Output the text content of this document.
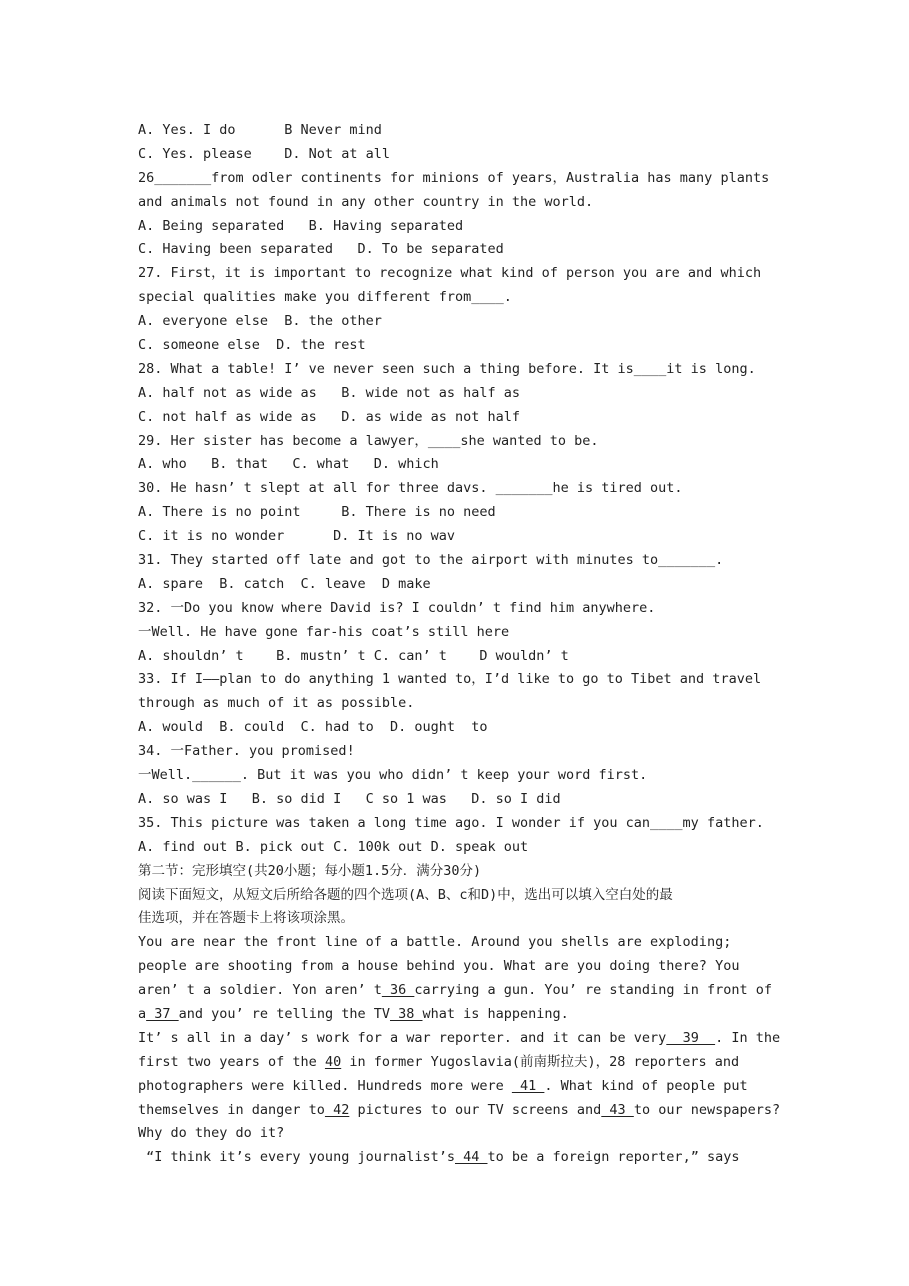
A. Yes. I do      B Never mind
C. Yes. please    D. Not at all
26_______from odler continents for minions of years，Australia has many plants
and animals not found in any other country in the world.
A. Being separated   B. Having separated
C. Having been separated   D. To be separated
27. First，it is important to recognize what kind of person you are and which
special qualities make you different from____.
A. everyone else  B. the other
C. someone else  D. the rest
28. What a table! I’ ve never seen such a thing before. It is____it is long.
A. half not as wide as   B. wide not as half as
C. not half as wide as   D. as wide as not half
29. Her sister has become a lawyer，____she wanted to be.
A. who   B. that   C. what   D. which
30. He hasn’ t slept at all for three davs. _______he is tired out.
A. There is no point     B. There is no need
C. it is no wonder      D. It is no wav
31. They started off late and got to the airport with minutes to_______.
A. spare  B. catch  C. leave  D make
32. 一Do you know where David is? I couldn’ t find him anywhere.
一Well. He have gone far-his coat’s still here
A. shouldn’ t    B. mustn’ t C. can’ t    D wouldn’ t
33. If I——plan to do anything 1 wanted to，I’d like to go to Tibet and travel
through as much of it as possible.
A. would  B. could  C. had to  D. ought  to
34. 一Father. you promised!
一Well.______. But it was you who didn’ t keep your word first.
A. so was I   B. so did I   C so 1 was   D. so I did
35. This picture was taken a long time ago. I wonder if you can____my father.
A. find out B. pick out C. 100k out D. speak out
第二节：完形填空(共20小题；每小题1.5分．满分30分)
阅读下面短文，从短文后所给各题的四个选项(A、B、c和D)中，选出可以填入空白处的最
佳选项，并在答题卡上将该项涂黑。
You are near the front line of a battle. Around you shells are exploding;
people are shooting from a house behind you. What are you doing there? You
aren’ t a soldier. Yon aren’ t 36 carrying a gun. You’ re standing in front of
a 37 and you’ re telling the TV 38 what is happening.
It’ s all in a day’ s work for a war reporter. and it can be very  39  . In the
first two years of the 40 in former Yugoslavia(前南斯拉夫)，28 reporters and
photographers were killed. Hundreds more were  41 . What kind of people put
themselves in danger to 42 pictures to our TV screens and 43 to our newspapers?
Why do they do it?
“I think it’s every young journalist’s 44 to be a foreign reporter,” says
